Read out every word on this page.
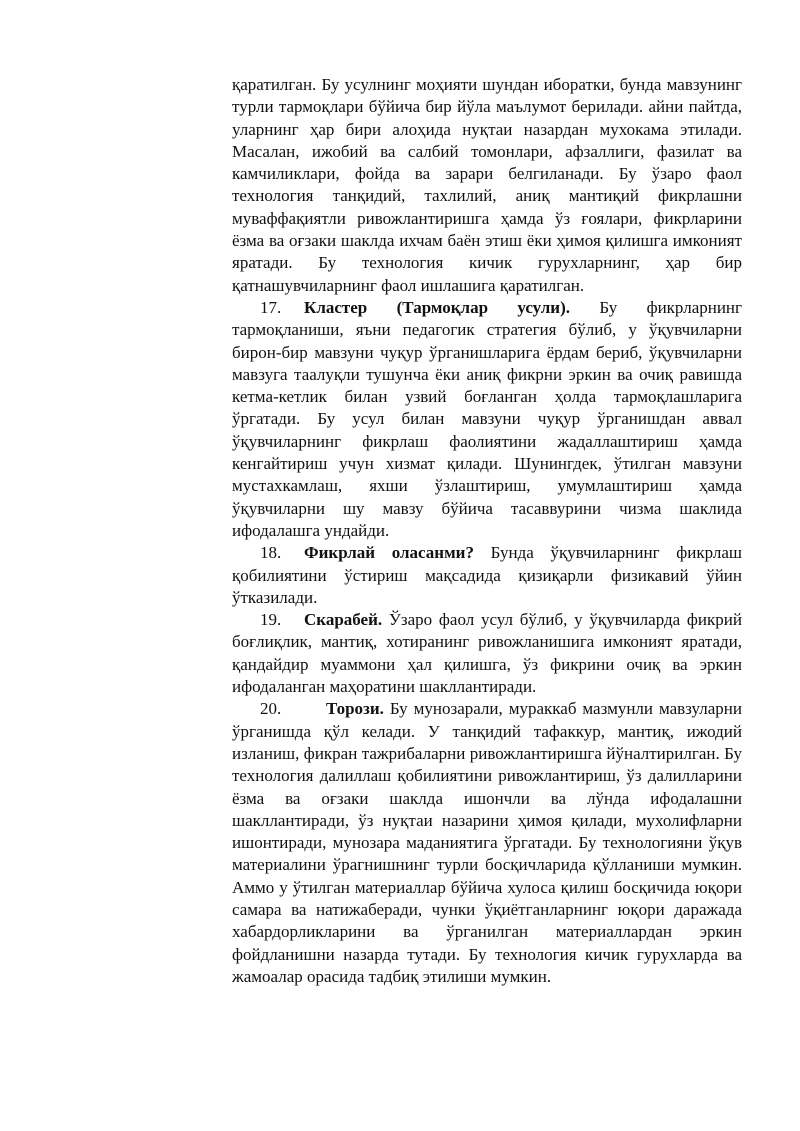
қаратилган. Бу усулнинг моҳияти шундан иборатки, бунда мавзунинг турли тармоқлари бўйича бир йўла маълумот берилади. айни пайтда, уларнинг ҳар бири алоҳида нуқтаи назардан мухокама этилади. Масалан, ижобий ва салбий томонлари, афзаллиги, фазилат ва камчиликлари, фойда ва зарари белгиланади. Бу ўзаро фаол технология танқидий, тахлилий, аниқ мантиқий фикрлашни муваффақиятли ривожлантиришга ҳамда ўз ғоялари, фикрларини ёзма ва оғзаки шаклда ихчам баён этиш ёки ҳимоя қилишга имконият яратади. Бу технология кичик гурухларнинг, ҳар бир қатнашувчиларнинг фаол ишлашига қаратилган.

17. Кластер (Тармоқлар усули). Бу фикрларнинг тармоқланиши, яъни педагогик стратегия бўлиб, у ўқувчиларни бирон-бир мавзуни чуқур ўрганишларига ёрдам бериб, ўқувчиларни мавзуга таалуқли тушунча ёки аниқ фикрни эркин ва очиқ равишда кетма-кетлик билан узвий боғланган ҳолда тармоқлашларига ўргатади. Бу усул билан мавзуни чуқур ўрганишдан аввал ўқувчиларнинг фикрлаш фаолиятини жадаллаштириш ҳамда кенгайтириш учун хизмат қилади. Шунингдек, ўтилган мавзуни мустахкамлаш, яхши ўзлаштириш, умумлаштириш ҳамда ўқувчиларни шу мавзу бўйича тасаввурини чизма шаклида ифодалашга ундайди.

18. Фикрлай оласанми? Бунда ўқувчиларнинг фикрлаш қобилиятини ўстириш мақсадида қизиқарли физикавий ўйин ўтказилади.

19. Скарабей. Ўзаро фаол усул бўлиб, у ўқувчиларда фикрий боғлиқлик, мантиқ, хотиранинг ривожланишига имконият яратади, қандайдир муаммони ҳал қилишга, ўз фикрини очиқ ва эркин ифодаланган маҳоратини шакллантиради.

20.	Торози. Бу мунозарали, мураккаб мазмунли мавзуларни ўрганишда қўл келади. У танқидий тафаккур, мантиқ, ижодий изланиш, фикран тажрибаларни ривожлантиришга йўналтирилган. Бу технология далиллаш қобилиятини ривожлантириш, ўз далилларини ёзма ва оғзаки шаклда ишончли ва лўнда ифодалашни шакллантиради, ўз нуқтаи назарини ҳимоя қилади, мухолифларни ишонтиради, мунозара маданиятига ўргатади. Бу технологияни ўқув материалини ўрагнишнинг турли босқичларида қўлланиши мумкин. Аммо у ўтилган материаллар бўйича хулоса қилиш босқичида юқори самара ва натижаберади, чунки ўқиётганларнинг юқори даражада хабардорликларини ва ўрганилган материаллардан эркин фойдланишни назарда тутади. Бу технология кичик гурухларда ва жамоалар орасида тадбиқ этилиши мумкин.
